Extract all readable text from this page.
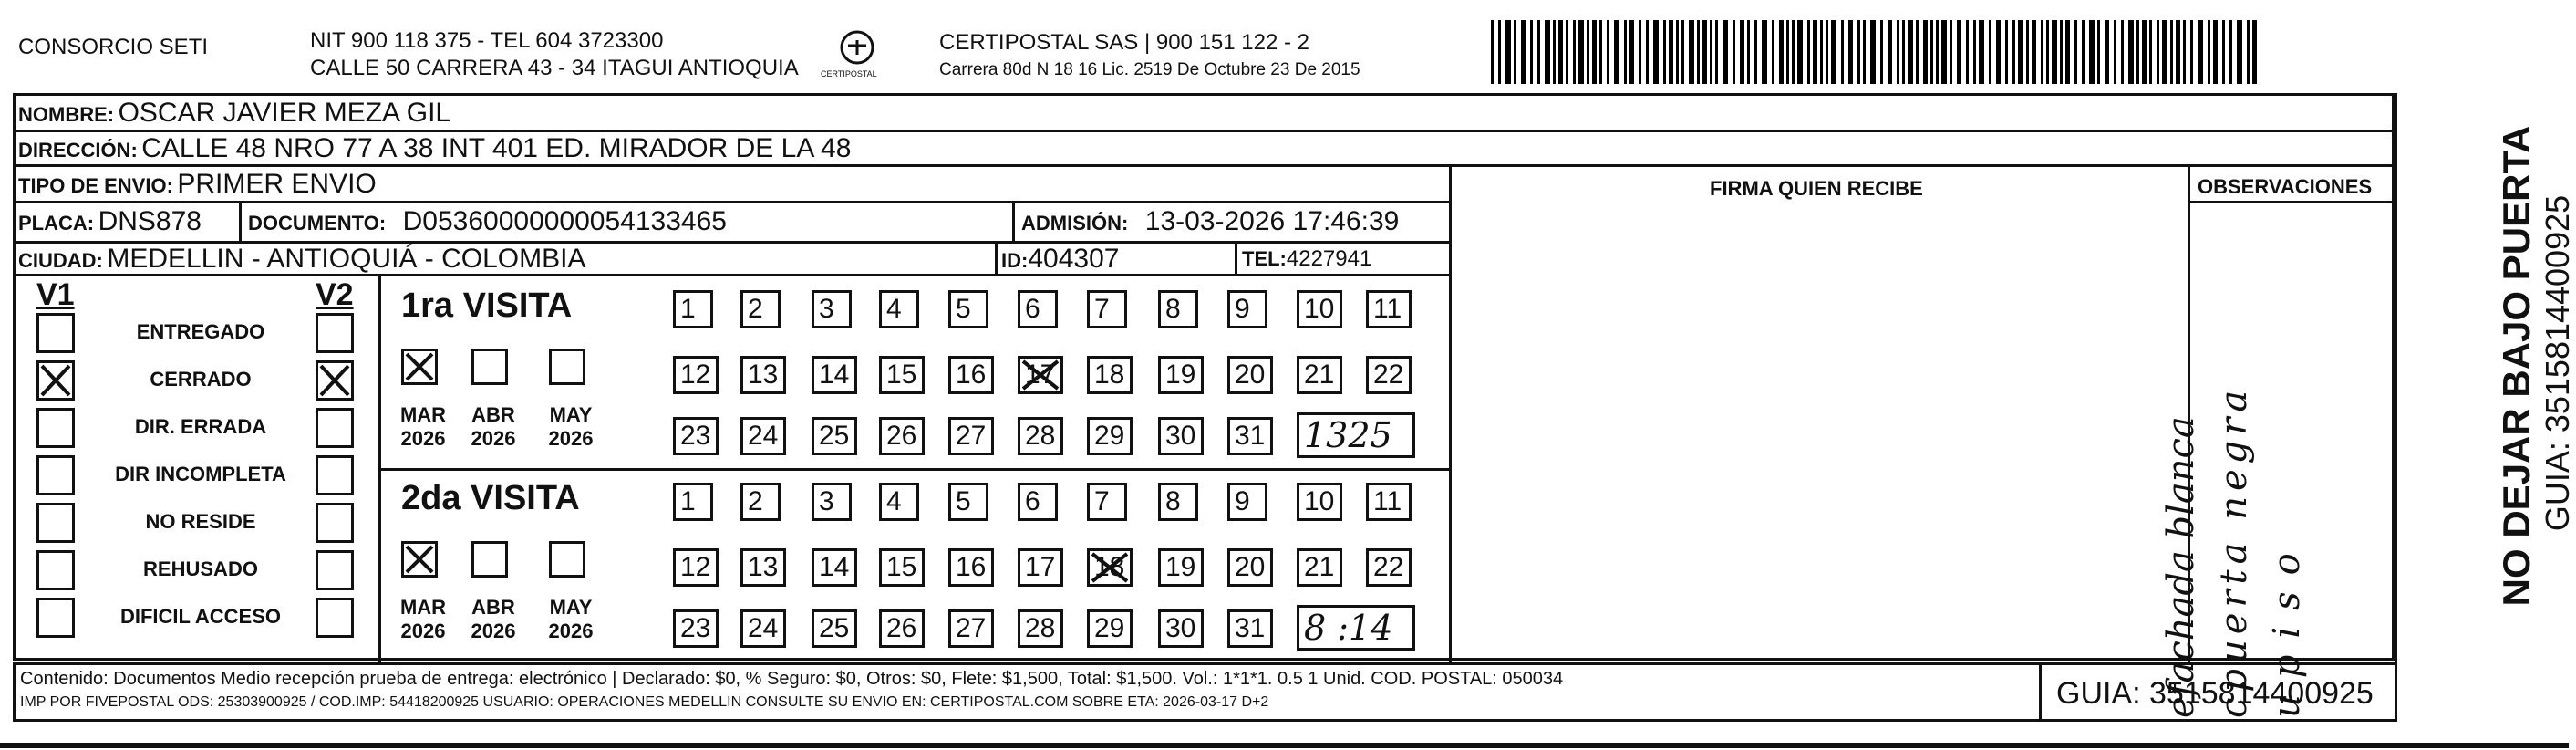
CONSORCIO SETI	NIT 900 118 375 - TEL 604 3723300
CALLE 50 CARRERA 43 - 34 ITAGUI ANTIOQUIA	CERTIPOSTAL
CERTIPOSTAL SAS | 900 151 122 - 2
Carrera 80d N 18 16 Lic. 2519 De Octubre 23 De 2015
NOMBRE: OSCAR JAVIER MEZA GIL
DIRECCIÓN: CALLE 48 NRO 77 A 38 INT 401 ED. MIRADOR DE LA 48
TIPO DE ENVIO: PRIMER ENVIO	FIRMA QUIEN RECIBE	OBSERVACIONES
PLACA: DNS878 DOCUMENTO: D05360000000054133465	ADMISIÓN: 13-03-2026 17:46:39
CIUDAD: MEDELLIN - ANTIOQUIÁ - COLOMBIA	ID:404307	TEL:4227941
V1	V2
ENTREGADO
CERRADO
DIR. ERRADA
DIR INCOMPLETA
NO RESIDE
REHUSADO
DIFICIL ACCESO
1ra VISITA
2da VISITA
MAR
2026
ABR
2026
MAY
2026
1	2	3	4	5	6	7	8	9	10 11
12 13 14 15 16 17 18 19 20 21 22
23 24 25 26 27 28 29 30 31 1325
MAR
2026
ABR
2026
MAY
2026
1	2	3	4	5	6	7	8	9	10 11
12 13 14 15 16 17 18 19 20 21 22
23 24 25 26 27 28 29 30 31 8 :14	efachada blanca cpuerta negra upiso
NO DEJAR BAJO PUERTA GUIA: 3515814400925
Contenido: Documentos Medio recepción prueba de entrega: electrónico | Declarado: $0, % Seguro: $0, Otros: $0, Flete: $1,500, Total: $1,500. Vol.: 1*1*1. 0.5 1 Unid. COD. POSTAL: 050034
IMP POR FIVEPOSTAL ODS: 25303900925 / COD.IMP: 54418200925 USUARIO: OPERACIONES MEDELLIN CONSULTE SU ENVIO EN: CERTIPOSTAL.COM SOBRE ETA: 2026-03-17 D+2	GUIA: 3515814400925
